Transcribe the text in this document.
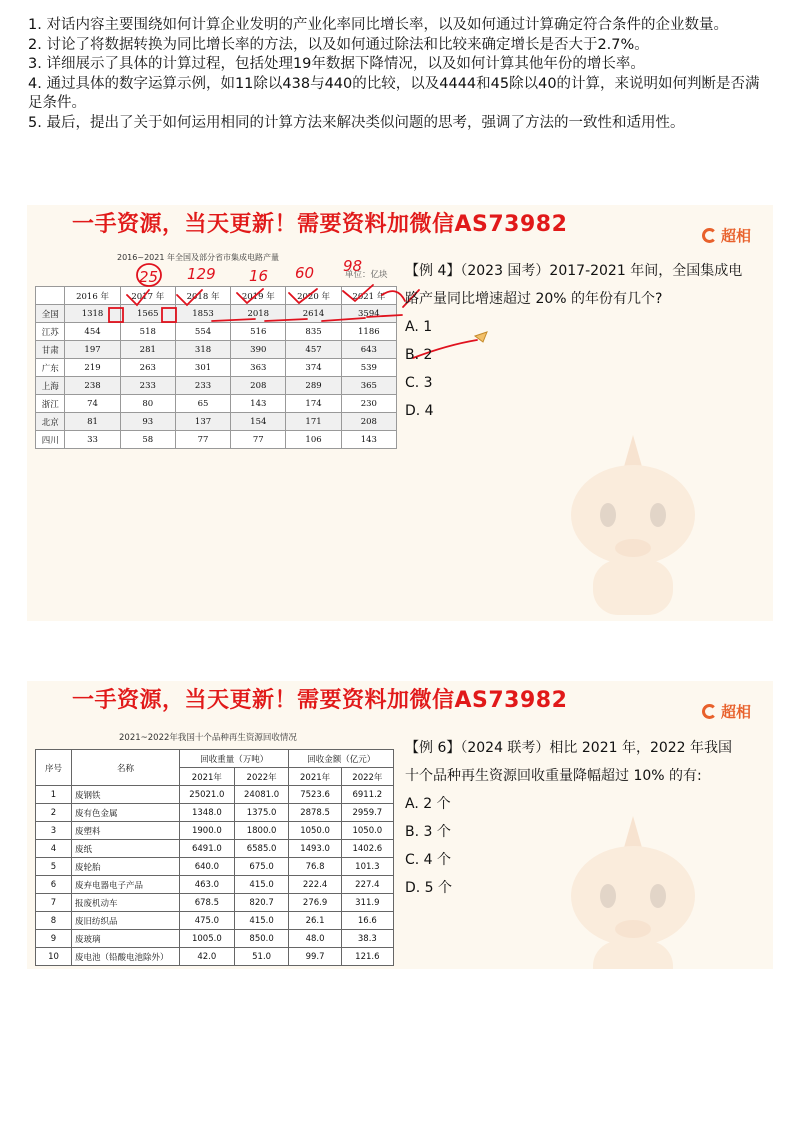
1. 对话内容主要围绕如何计算企业发明的产业化率同比增长率，以及如何通过计算确定符合条件的企业数量。

2. 讨论了将数据转换为同比增长率的方法，以及如何通过除法和比较来确定增长是否大于2.7%。

3. 详细展示了具体的计算过程，包括处理19年数据下降情况，以及如何计算其他年份的增长率。

4. 通过具体的数字运算示例，如11除以438与440的比较，以及4444和45除以40的计算，来说明如何判断是否满足条件。

5. 最后，提出了关于如何运用相同的计算方法来解决类似问题的思考，强调了方法的一致性和适用性。

一手资源，当天更新！需要资料加微信AS73982	超相
2016~2021 年全国及部分省市集成电路产量
单位：亿块
	2016 年	2017 年	2018 年	2019 年	2020 年	2021 年
全国	1318	1565	1853	2018	2614	3594
江苏	454	518	554	516	835	1186
甘肃	197	281	318	390	457	643
广东	219	263	301	363	374	539
上海	238	233	233	208	289	365
浙江	74	80	65	143	174	230
北京	81	93	137	154	171	208
四川	33	58	77	77	106	143
25 129 16 60 98	【例 4】（2023 国考）2017-2021 年间，全国集成电路产量同比增速超过 20% 的年份有几个?
A. 1
B. 2
C. 3
D. 4
一手资源，当天更新！需要资料加微信AS73982	超相
2021~2022年我国十个品种再生资源回收情况
序号	名称	回收重量（万吨）		回收金额（亿元）	
		2021年	2022年	2021年	2022年
1	废钢铁	25021.0	24081.0	7523.6	6911.2
2	废有色金属	1348.0	1375.0	2878.5	2959.7
3	废塑料	1900.0	1800.0	1050.0	1050.0
4	废纸	6491.0	6585.0	1493.0	1402.6
5	废轮胎	640.0	675.0	76.8	101.3
6	废弃电器电子产品	463.0	415.0	222.4	227.4
7	报废机动车	678.5	820.7	276.9	311.9
8	废旧纺织品	475.0	415.0	26.1	16.6
9	废玻璃	1005.0	850.0	48.0	38.3
10	废电池（铅酸电池除外）	42.0	51.0	99.7	121.6
【例 6】（2024 联考）相比 2021 年，2022 年我国十个品种再生资源回收重量降幅超过 10% 的有:
A. 2 个
B. 3 个
C. 4 个
D. 5 个
